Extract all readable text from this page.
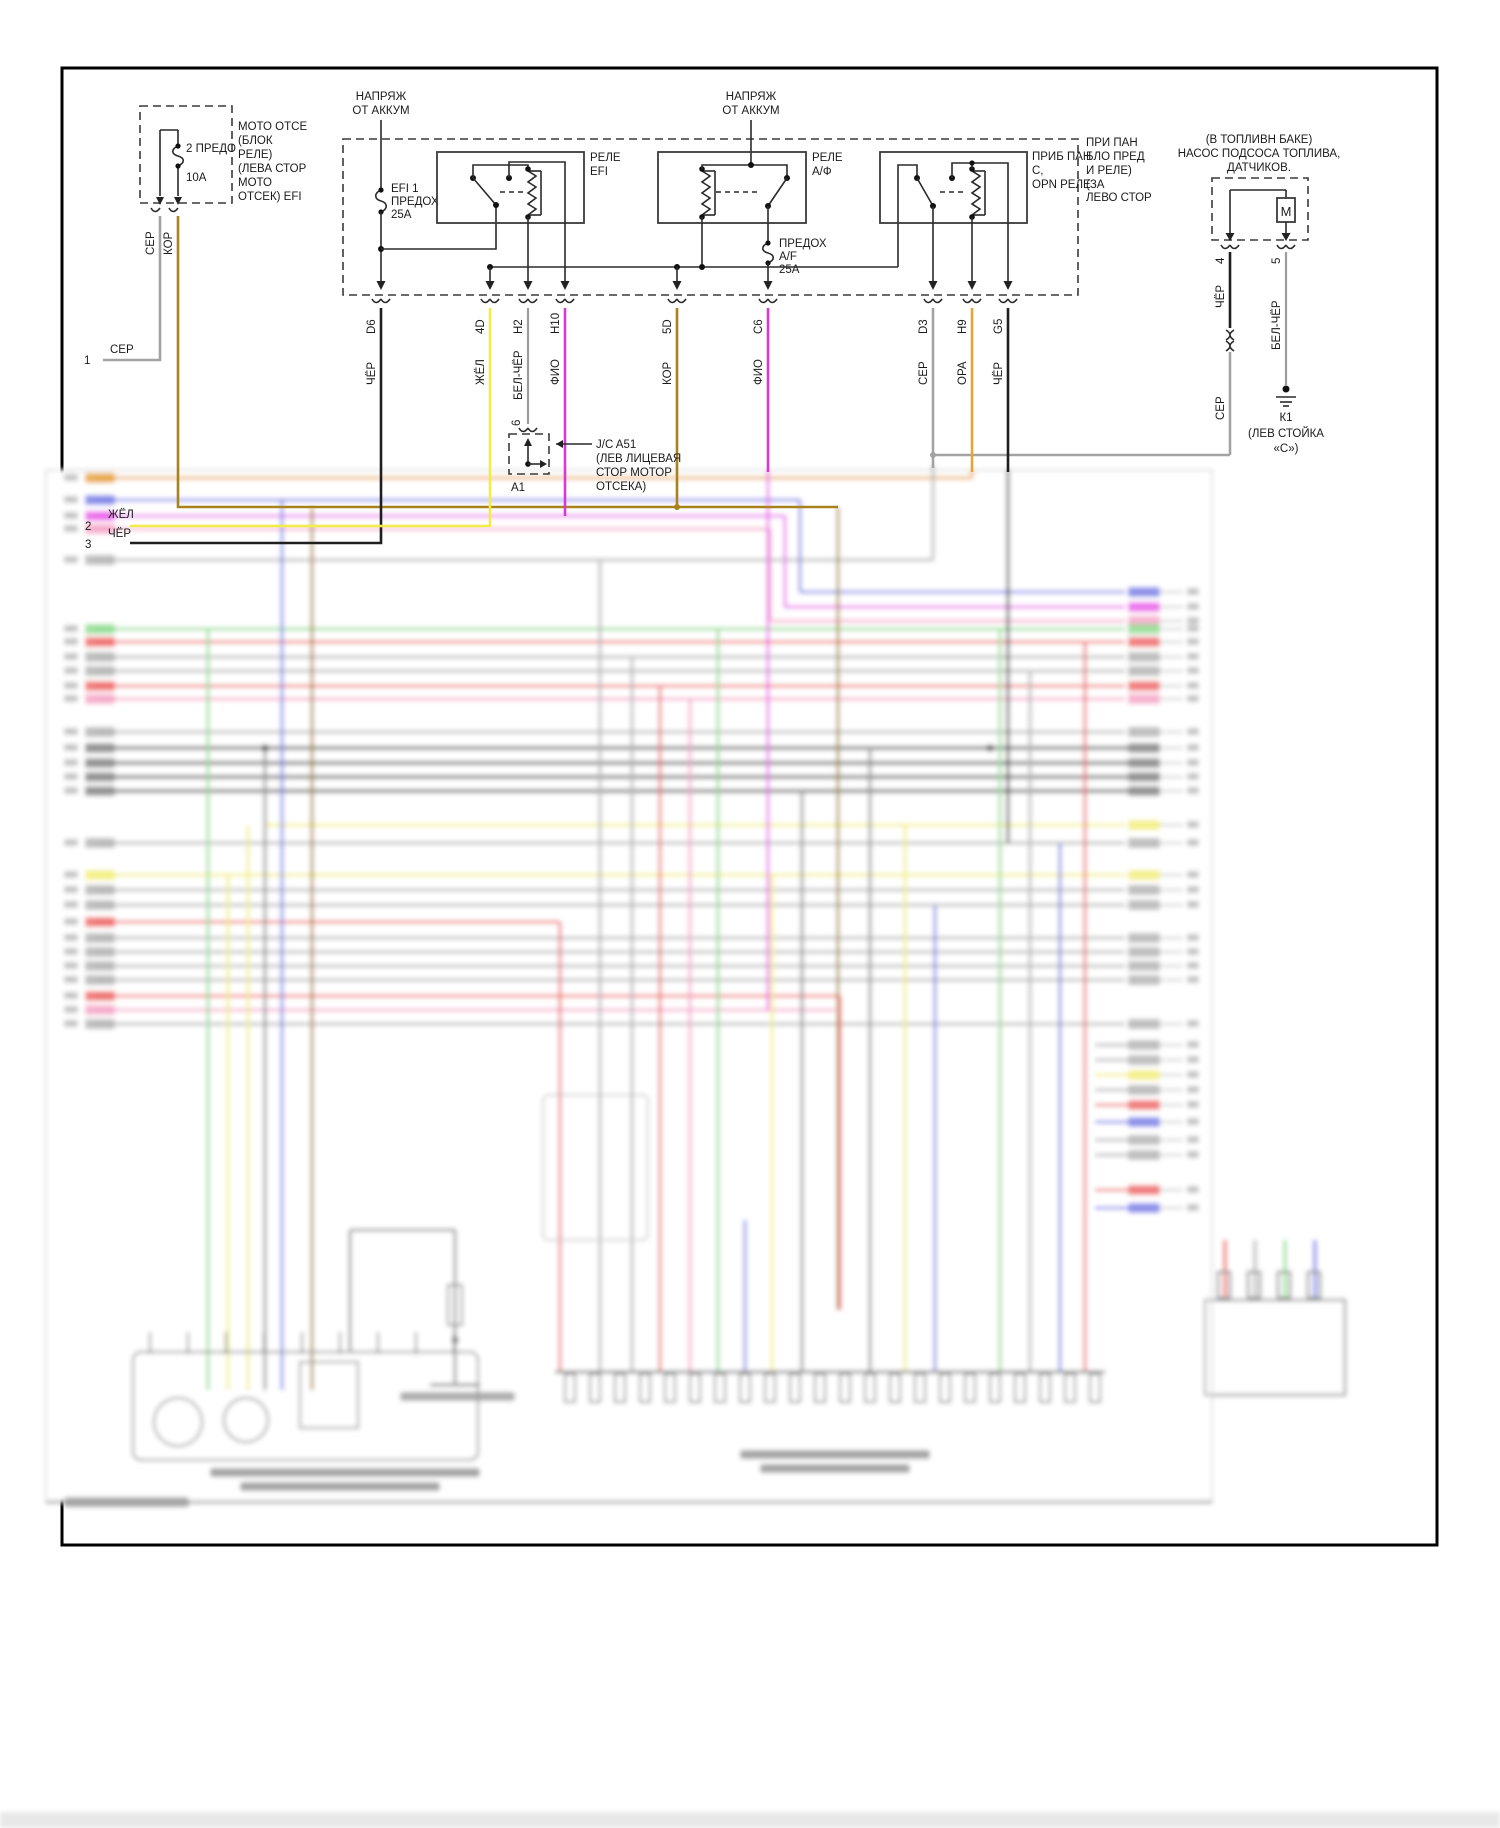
2 ПРЕДО
10А
МОТО ОТСЕ
(БЛОК
РЕЛЕ)
(ЛЕВА СТОР
МОТО
ОТСЕК) EFI
СЕР КОР
СЕР
1
НАПРЯЖ
ОТ АККУМ
EFI 1
ПРЕДОХ
25А
РЕЛЕ
EFI
НАПРЯЖ
ОТ АККУМ
РЕЛЕ
А/Ф
ПРЕДОХ
A/F
25А
ПРИБ ПАН
С,
OPN РЕЛЕ
ПРИ ПАН
БЛО ПРЕД
И РЕЛЕ)
(ЗА
ЛЕВО СТОР
D6	4D H2 H10	5D	C6	D3 H9 G5
ЧЁР	ЖЁЛ БЕЛ-ЧЁР ФИО	КОР	ФИО	СЕР ОРА ЧЁР
ЖЁЛ
2
ЧЁР
3
6
A1
J/C A51
(ЛЕВ ЛИЦЕВАЯ
СТОР МОТОР
ОТСЕКА)
(В ТОПЛИВН БАКЕ)
НАСОС ПОДСОСА ТОПЛИВА,
ДАТЧИКОВ.
M
4	5
ЧЁР
СЕР
БЕЛ-ЧЁР
К1
(ЛЕВ СТОЙКА
«С»)
